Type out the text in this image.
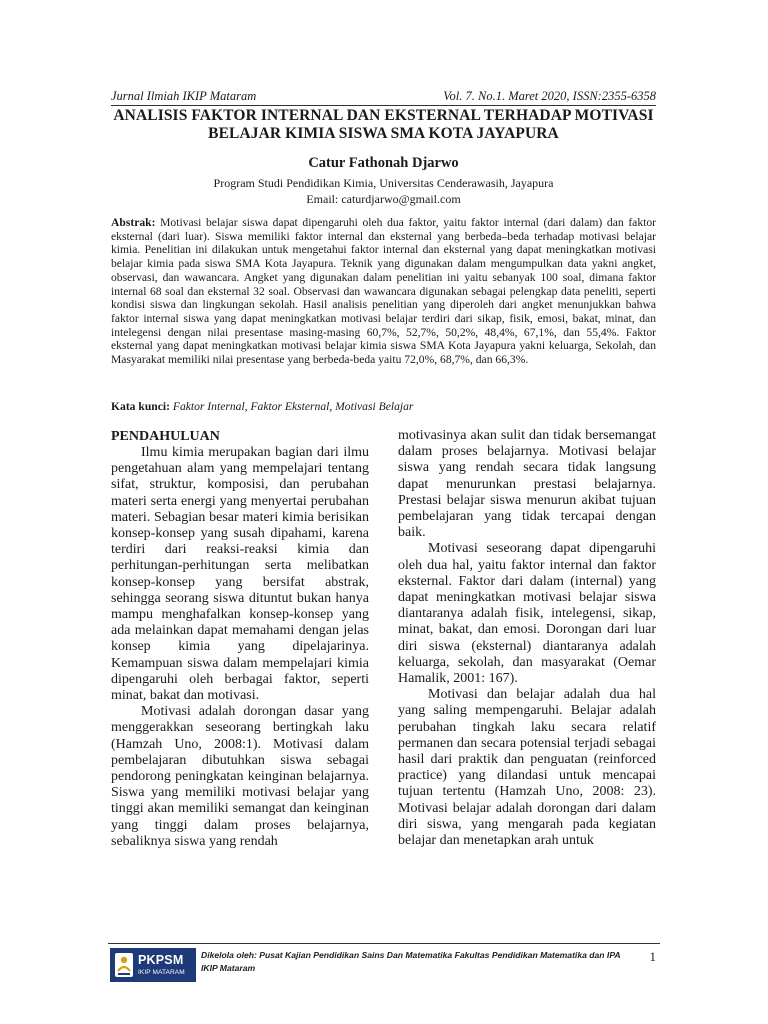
Jurnal Ilmiah IKIP Mataram	Vol. 7. No.1. Maret 2020, ISSN:2355-6358
ANALISIS FAKTOR INTERNAL DAN EKSTERNAL TERHADAP MOTIVASI
BELAJAR KIMIA SISWA SMA KOTA JAYAPURA
Catur Fathonah Djarwo
Program Studi Pendidikan Kimia, Universitas Cenderawasih, Jayapura
Email: caturdjarwo@gmail.com
Abstrak: Motivasi belajar siswa dapat dipengaruhi oleh dua faktor, yaitu faktor internal (dari dalam) dan faktor eksternal (dari luar). Siswa memiliki faktor internal dan eksternal yang berbeda–beda terhadap motivasi belajar kimia. Penelitian ini dilakukan untuk mengetahui faktor internal dan eksternal yang dapat meningkatkan motivasi belajar kimia pada siswa SMA Kota Jayapura. Teknik yang digunakan dalam mengumpulkan data yakni angket, observasi, dan wawancara. Angket yang digunakan dalam penelitian ini yaitu sebanyak 100 soal, dimana faktor internal 68 soal dan eksternal 32 soal. Observasi dan wawancara digunakan sebagai pelengkap data peneliti, seperti kondisi siswa dan lingkungan sekolah. Hasil analisis penelitian yang diperoleh dari angket menunjukkan bahwa faktor internal siswa yang dapat meningkatkan motivasi belajar terdiri dari sikap, fisik, emosi, bakat, minat, dan intelegensi dengan nilai presentase masing-masing 60,7%, 52,7%, 50,2%, 48,4%, 67,1%, dan 55,4%. Faktor eksternal yang dapat meningkatkan motivasi belajar kimia siswa SMA Kota Jayapura yakni keluarga, Sekolah, dan Masyarakat memiliki nilai presentase yang berbeda-beda yaitu 72,0%, 68,7%, dan 66,3%.
Kata kunci: Faktor Internal, Faktor Eksternal, Motivasi Belajar
PENDAHULUAN

Ilmu kimia merupakan bagian dari ilmu pengetahuan alam yang mempelajari tentang sifat, struktur, komposisi, dan perubahan materi serta energi yang menyertai perubahan materi. Sebagian besar materi kimia berisikan konsep-konsep yang susah dipahami, karena terdiri dari reaksi-reaksi kimia dan perhitungan-perhitungan serta melibatkan konsep-konsep yang bersifat abstrak, sehingga seorang siswa dituntut bukan hanya mampu menghafalkan konsep-konsep yang ada melainkan dapat memahami dengan jelas konsep kimia yang dipelajarinya. Kemampuan siswa dalam mempelajari kimia dipengaruhi oleh berbagai faktor, seperti minat, bakat dan motivasi.

Motivasi adalah dorongan dasar yang menggerakkan seseorang bertingkah laku (Hamzah Uno, 2008:1). Motivasi dalam pembelajaran dibutuhkan siswa sebagai pendorong peningkatan keinginan belajarnya. Siswa yang memiliki motivasi belajar yang tinggi akan memiliki semangat dan keinginan yang tinggi dalam proses belajarnya, sebaliknya siswa yang rendah

motivasinya akan sulit dan tidak bersemangat dalam proses belajarnya. Motivasi belajar siswa yang rendah secara tidak langsung dapat menurunkan prestasi belajarnya. Prestasi belajar siswa menurun akibat tujuan pembelajaran yang tidak tercapai dengan baik.

Motivasi seseorang dapat dipengaruhi oleh dua hal, yaitu faktor internal dan faktor eksternal. Faktor dari dalam (internal) yang dapat meningkatkan motivasi belajar siswa diantaranya adalah fisik, intelegensi, sikap, minat, bakat, dan emosi. Dorongan dari luar diri siswa (eksternal) diantaranya adalah keluarga, sekolah, dan masyarakat (Oemar Hamalik, 2001: 167).

Motivasi dan belajar adalah dua hal yang saling mempengaruhi. Belajar adalah perubahan tingkah laku secara relatif permanen dan secara potensial terjadi sebagai hasil dari praktik dan penguatan (reinforced practice) yang dilandasi untuk mencapai tujuan tertentu (Hamzah Uno, 2008: 23). Motivasi belajar adalah dorongan dari dalam diri siswa, yang mengarah pada kegiatan belajar dan menetapkan arah untuk

PKPSM
IKIP MATARAM
Dikelola oleh: Pusat Kajian Pendidikan Sains Dan Matematika Fakultas Pendidikan Matematika dan IPA IKIP Mataram
1
